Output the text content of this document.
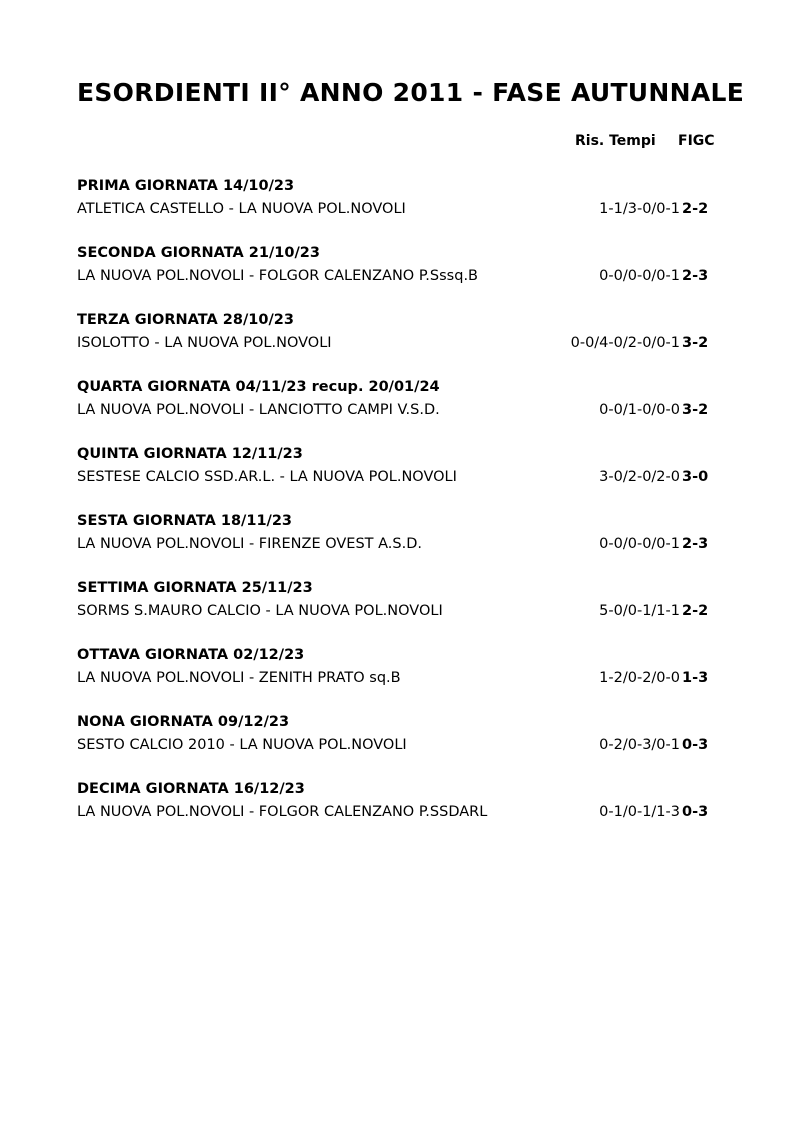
ESORDIENTI II° ANNO 2011 - FASE AUTUNNALE
Ris. Tempi FIGC
PRIMA GIORNATA 14/10/23
ATLETICA CASTELLO - LA NUOVA POL.NOVOLI	1-1/3-0/0-1 2-2
SECONDA GIORNATA 21/10/23
LA NUOVA POL.NOVOLI - FOLGOR CALENZANO P.Sssq.B	0-0/0-0/0-1 2-3
TERZA GIORNATA 28/10/23
ISOLOTTO - LA NUOVA POL.NOVOLI	0-0/4-0/2-0/0-1 3-2
QUARTA GIORNATA 04/11/23 recup. 20/01/24
LA NUOVA POL.NOVOLI - LANCIOTTO CAMPI V.S.D.	0-0/1-0/0-0 3-2
QUINTA GIORNATA 12/11/23
SESTESE CALCIO SSD.AR.L. - LA NUOVA POL.NOVOLI	3-0/2-0/2-0 3-0
SESTA GIORNATA 18/11/23
LA NUOVA POL.NOVOLI - FIRENZE OVEST A.S.D.	0-0/0-0/0-1 2-3
SETTIMA GIORNATA 25/11/23
SORMS S.MAURO CALCIO - LA NUOVA POL.NOVOLI	5-0/0-1/1-1 2-2
OTTAVA GIORNATA 02/12/23
LA NUOVA POL.NOVOLI - ZENITH PRATO sq.B	1-2/0-2/0-0 1-3
NONA GIORNATA 09/12/23
SESTO CALCIO 2010 - LA NUOVA POL.NOVOLI	0-2/0-3/0-1 0-3
DECIMA GIORNATA 16/12/23
LA NUOVA POL.NOVOLI - FOLGOR CALENZANO P.SSDARL	0-1/0-1/1-3 0-3
